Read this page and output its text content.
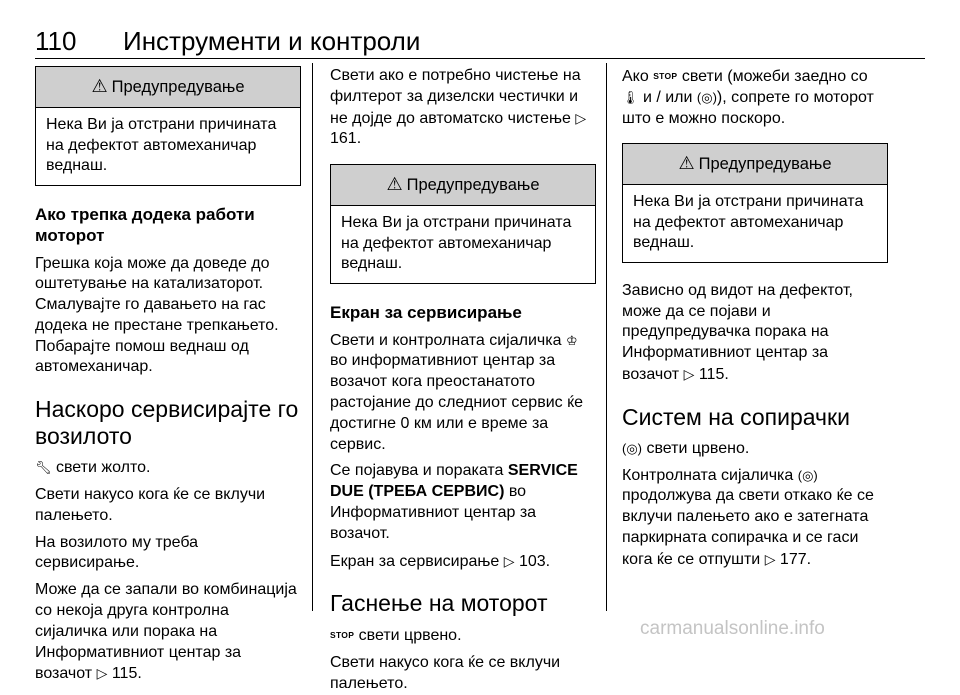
110 Инструменти и контроли
⚠ Предупредување
Нека Ви ја отстрани причината на дефектот автомеханичар веднаш.
Ако трепка додека работи моторот

Грешка која може да доведе до оштетување на катализаторот. Смалувајте го давањето на гас додека не престане трепкањето. Побарајте помош веднаш од автомеханичар.

Наскоро сервисирајте го возилото

🔧︎ свети жолто.

Свети накусо кога ќе се вклучи палењето.

На возилото му треба сервисирање.

Може да се запали во комбинација со некоја друга контролна сијаличка или порака на Информативниот центар за возачот ▷ 115.

Свети ако е потребно чистење на филтерот за дизелски честички и не дојде до автоматско чистење ▷ 161.

⚠ Предупредување
Нека Ви ја отстрани причината на дефектот автомеханичар веднаш.
Екран за сервисирање

Свети и контролната сијаличка ♔ во информативниот центар за возачот кога преостанатото растојание до следниот сервис ќе достигне 0 км или е време за сервис.

Се појавува и пораката SERVICE DUE (ТРЕБА СЕРВИС) во Информативниот центар за возачот.

Екран за сервисирање ▷ 103.

Гаснење на моторот

STOP свети црвено.

Свети накусо кога ќе се вклучи палењето.

Ако STOP свети (можеби заедно со 🌡︎ и / или (◎)), сопрете го моторот што е можно поскоро.

⚠ Предупредување
Нека Ви ја отстрани причината на дефектот автомеханичар веднаш.

Зависно од видот на дефектот, може да се појави и предупредувачка порака на Информативниот центар за возачот ▷ 115.

Систем на сопирачки

(◎) свети црвено.

Контролната сијаличка (◎) продолжува да свети откако ќе се вклучи палењето ако е затегната паркирната сопирачка и се гаси кога ќе се отпушти ▷ 177.

carmanualsonline.info
